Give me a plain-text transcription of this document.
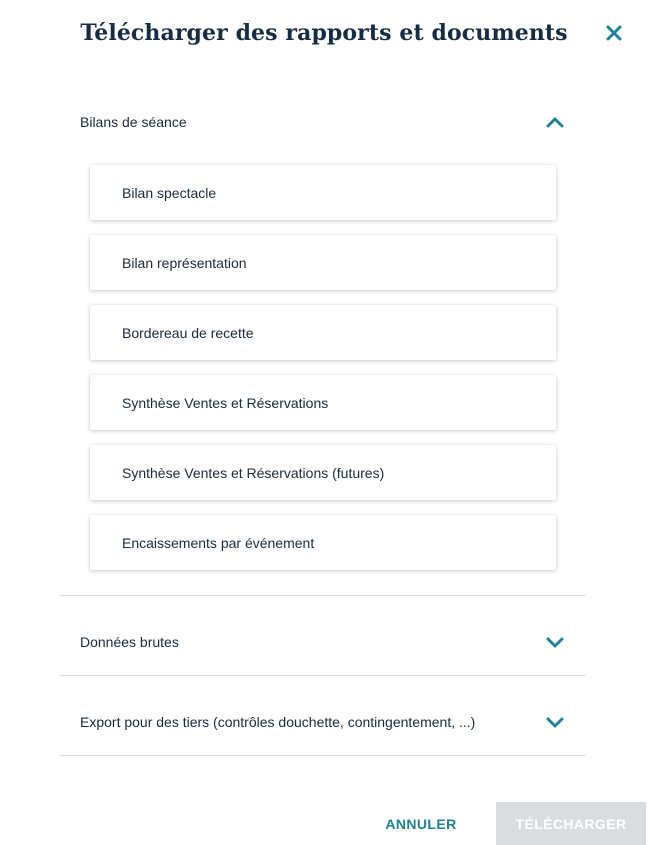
Télécharger des rapports et documents
Bilans de séance
Bilan spectacle
Bilan représentation
Bordereau de recette
Synthèse Ventes et Réservations
Synthèse Ventes et Réservations (futures)
Encaissements par événement
Données brutes
Export pour des tiers (contrôles douchette, contingentement, ...)
ANNULER	TÉLÉCHARGER
